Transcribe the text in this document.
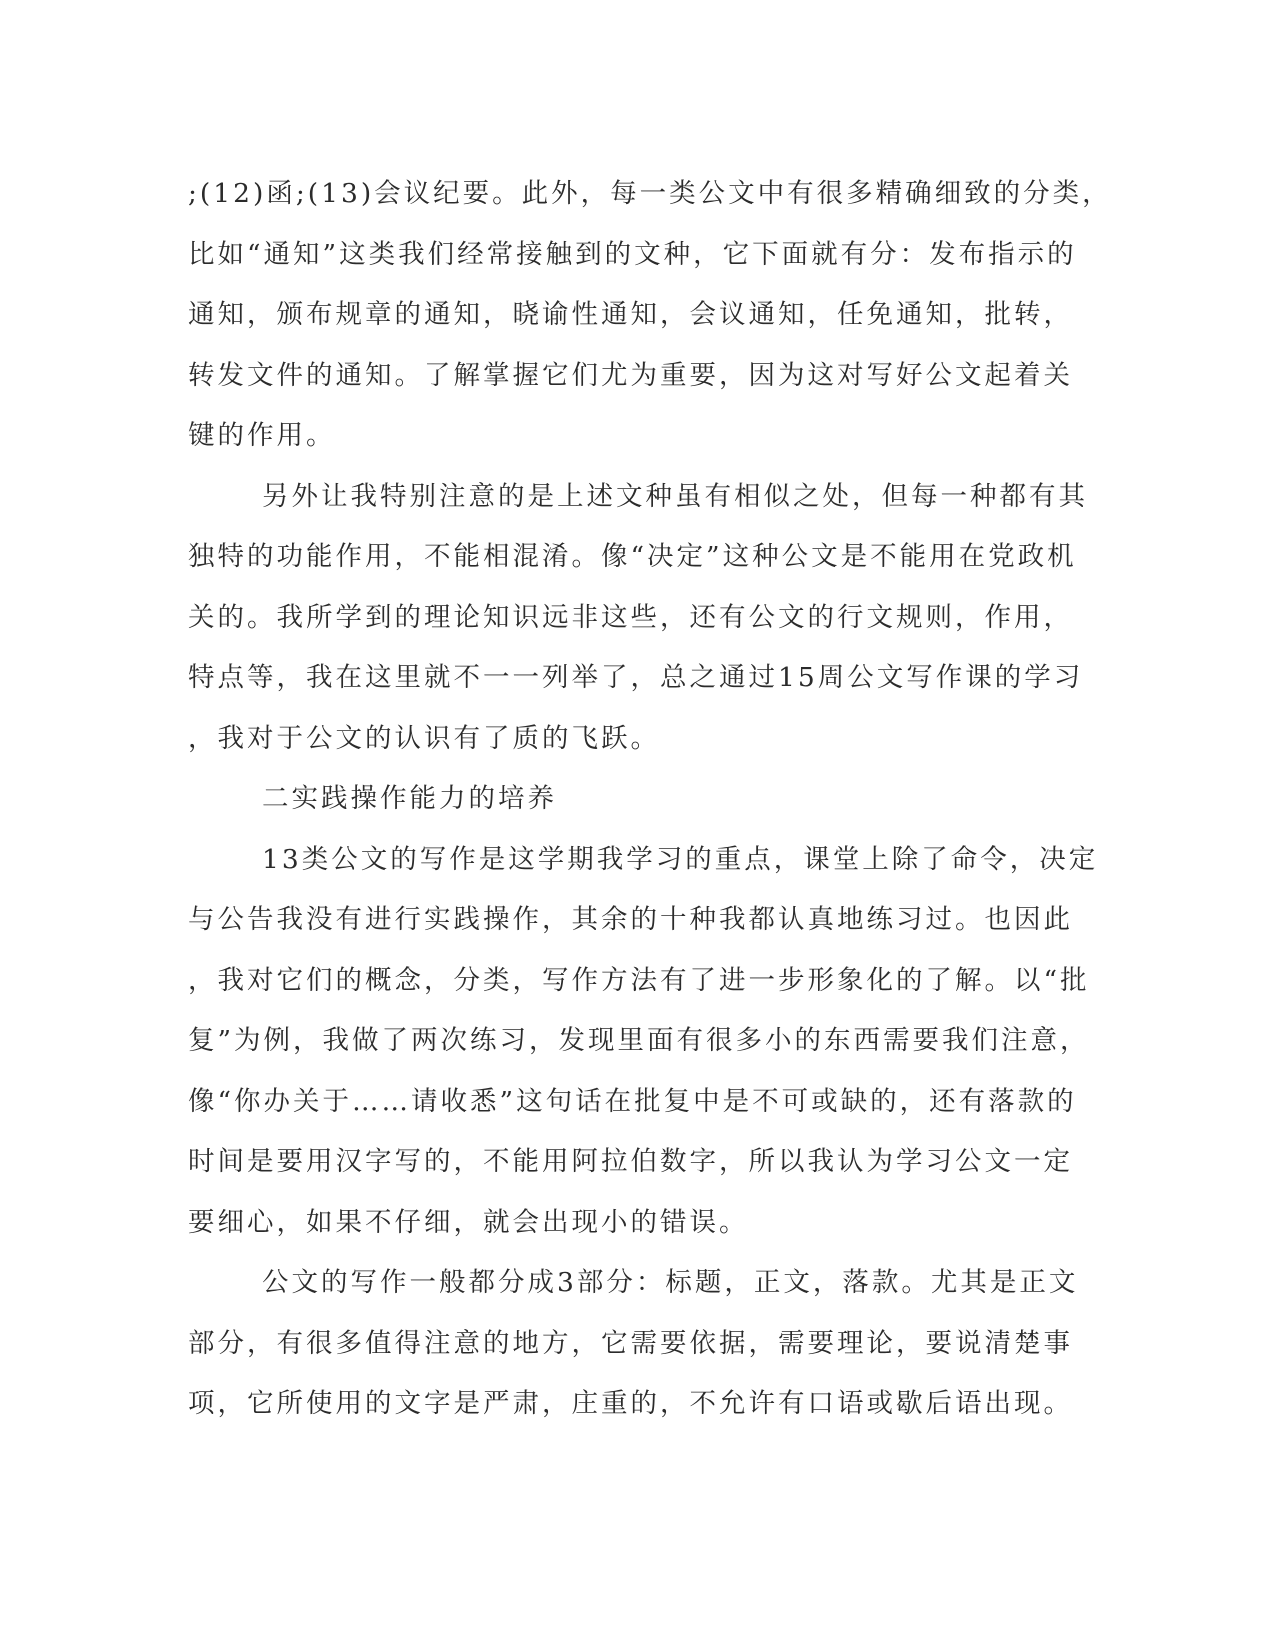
;(12)函;(13)会议纪要。此外，每一类公文中有很多精确细致的分类，
比如“通知”这类我们经常接触到的文种，它下面就有分：发布指示的
通知，颁布规章的通知，晓谕性通知，会议通知，任免通知，批转，
转发文件的通知。了解掌握它们尤为重要，因为这对写好公文起着关
键的作用。
另外让我特别注意的是上述文种虽有相似之处，但每一种都有其
独特的功能作用，不能相混淆。像“决定”这种公文是不能用在党政机
关的。我所学到的理论知识远非这些，还有公文的行文规则，作用，
特点等，我在这里就不一一列举了，总之通过15周公文写作课的学习
，我对于公文的认识有了质的飞跃。
二实践操作能力的培养
13类公文的写作是这学期我学习的重点，课堂上除了命令，决定
与公告我没有进行实践操作，其余的十种我都认真地练习过。也因此
，我对它们的概念，分类，写作方法有了进一步形象化的了解。以“批
复”为例，我做了两次练习，发现里面有很多小的东西需要我们注意，
像“你办关于……请收悉”这句话在批复中是不可或缺的，还有落款的
时间是要用汉字写的，不能用阿拉伯数字，所以我认为学习公文一定
要细心，如果不仔细，就会出现小的错误。
公文的写作一般都分成3部分：标题，正文，落款。尤其是正文
部分，有很多值得注意的地方，它需要依据，需要理论，要说清楚事
项，它所使用的文字是严肃，庄重的，不允许有口语或歇后语出现。
